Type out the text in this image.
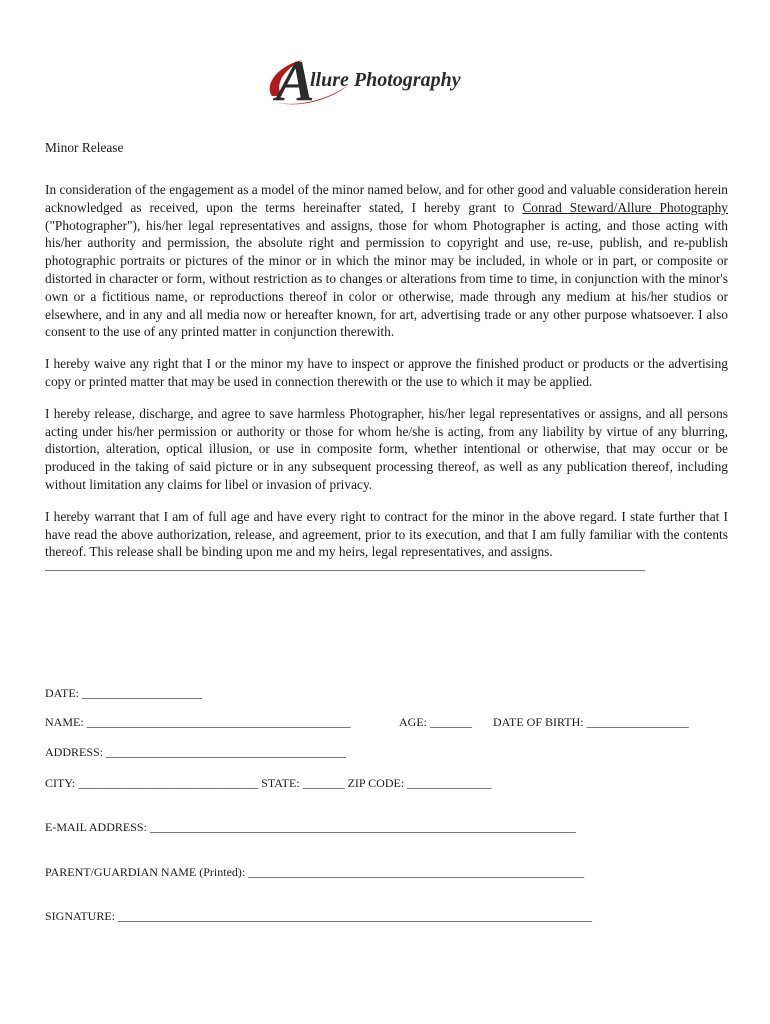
A
llure Photography

Minor Release

In consideration of the engagement as a model of the minor named below, and for other good and valuable consideration herein acknowledged as received, upon the terms hereinafter stated, I hereby grant to Conrad Steward/Allure Photography ("Photographer"), his/her legal representatives and assigns, those for whom Photographer is acting, and those acting with his/her authority and permission, the absolute right and permission to copyright and use, re-use, publish, and re-publish photographic portraits or pictures of the minor or in which the minor may be included, in whole or in part, or composite or distorted in character or form, without restriction as to changes or alterations from time to time, in conjunction with the minor's own or a fictitious name, or reproductions thereof in color or otherwise, made through any medium at his/her studios or elsewhere, and in any and all media now or hereafter known, for art, advertising trade or any other purpose whatsoever. I also consent to the use of any printed matter in conjunction therewith.

I hereby waive any right that I or the minor my have to inspect or approve the finished product or products or the advertising copy or printed matter that may be used in connection therewith or the use to which it may be applied.

I hereby release, discharge, and agree to save harmless Photographer, his/her legal representatives or assigns, and all persons acting under his/her permission or authority or those for whom he/she is acting, from any liability by virtue of any blurring, distortion, alteration, optical illusion, or use in composite form, whether intentional or otherwise, that may occur or be produced in the taking of said picture or in any subsequent processing thereof, as well as any publication thereof, including without limitation any claims for libel or invasion of privacy.

I hereby warrant that I am of full age and have every right to contract for the minor in the above regard. I state further that I have read the above authorization, release, and agreement, prior to its execution, and that I am fully familiar with the contents thereof. This release shall be binding upon me and my heirs, legal representatives, and assigns.

____________________________________________________________________________________________________
DATE: ____________________
NAME: ____________________________________________	AGE: _______ DATE OF BIRTH: _________________
ADDRESS: ________________________________________
CITY: ______________________________ STATE: _______ ZIP CODE: ______________
E-MAIL ADDRESS: _______________________________________________________________________
PARENT/GUARDIAN NAME (Printed): ________________________________________________________
SIGNATURE: _______________________________________________________________________________
